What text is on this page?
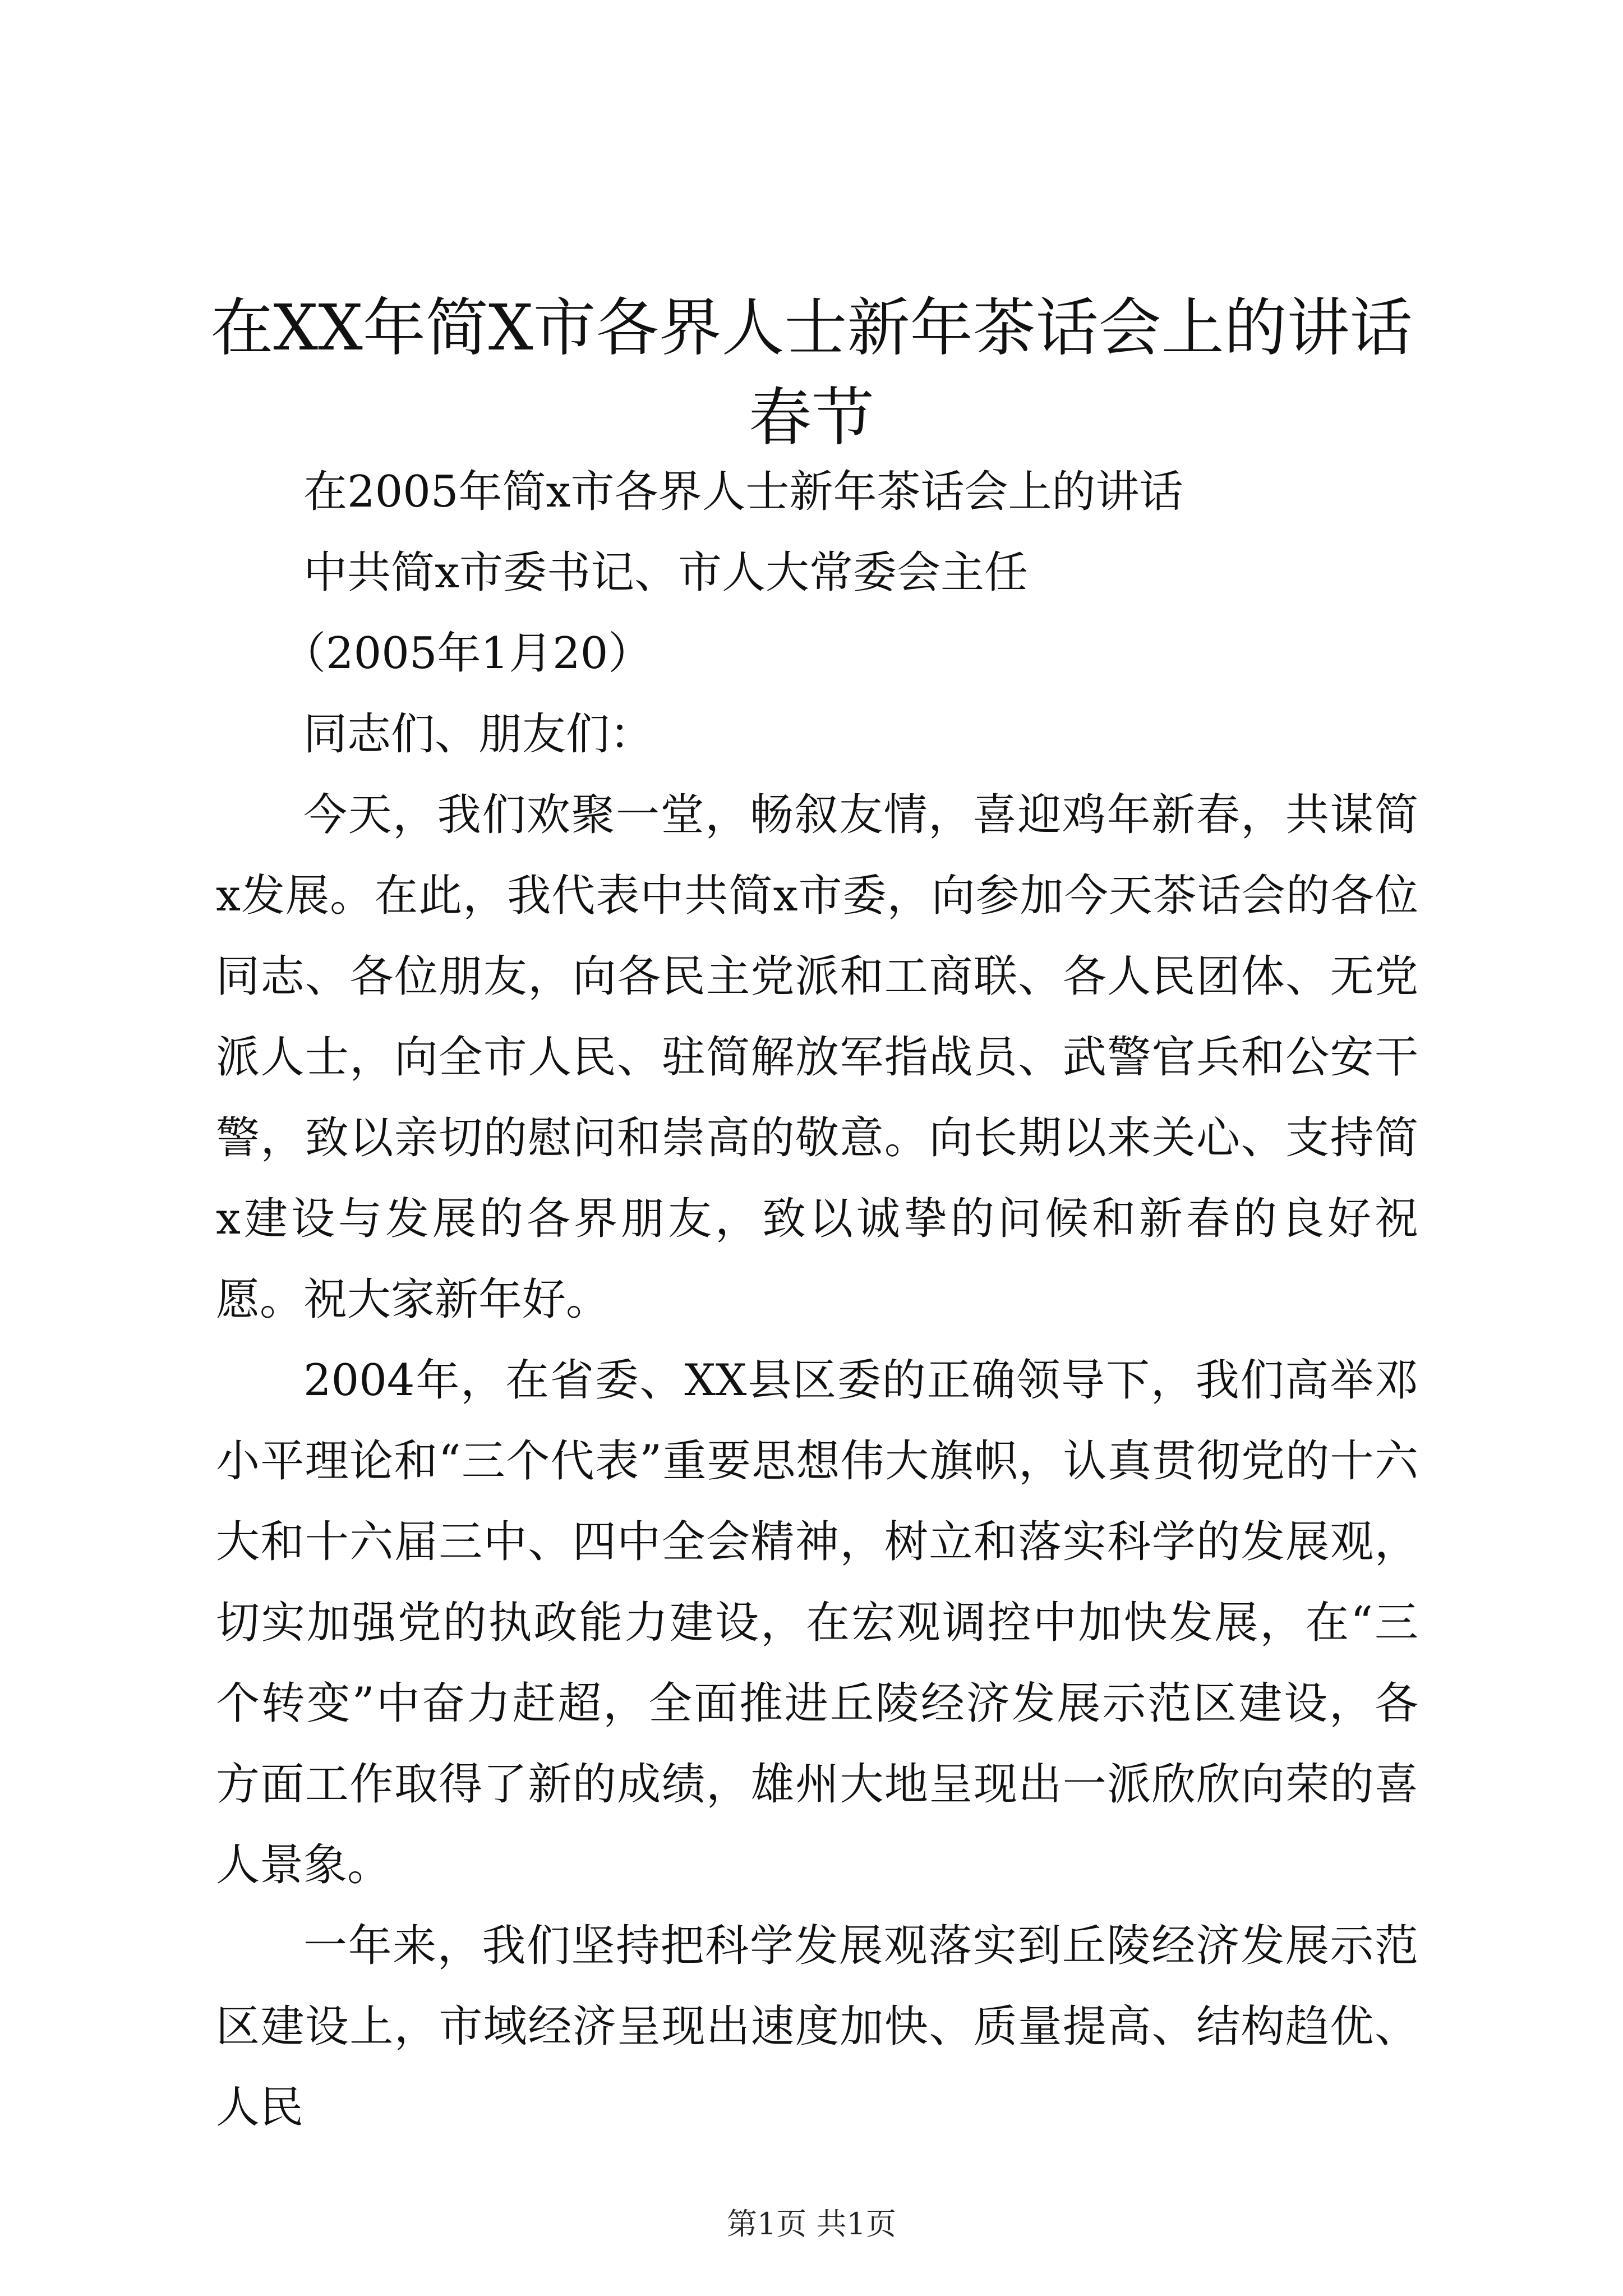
在XX年简X市各界人士新年茶话会上的讲话春节

在2005年简x市各界人士新年茶话会上的讲话

中共简x市委书记、市人大常委会主任

（2005年1月20）

同志们、朋友们：

今天，我们欢聚一堂，畅叙友情，喜迎鸡年新春，共谋简x发展。在此，我代表中共简x市委，向参加今天茶话会的各位同志、各位朋友，向各民主党派和工商联、各人民团体、无党派人士，向全市人民、驻简解放军指战员、武警官兵和公安干警，致以亲切的慰问和崇高的敬意。向长期以来关心、支持简x建设与发展的各界朋友，致以诚挚的问候和新春的良好祝愿。祝大家新年好。

2004年，在省委、XX县区委的正确领导下，我们高举邓小平理论和“三个代表”重要思想伟大旗帜，认真贯彻党的十六大和十六届三中、四中全会精神，树立和落实科学的发展观，切实加强党的执政能力建设，在宏观调控中加快发展，在“三个转变”中奋力赶超，全面推进丘陵经济发展示范区建设，各方面工作取得了新的成绩，雄州大地呈现出一派欣欣向荣的喜人景象。

一年来，我们坚持把科学发展观落实到丘陵经济发展示范区建设上，市域经济呈现出速度加快、质量提高、结构趋优、人民

第1页 共1页
